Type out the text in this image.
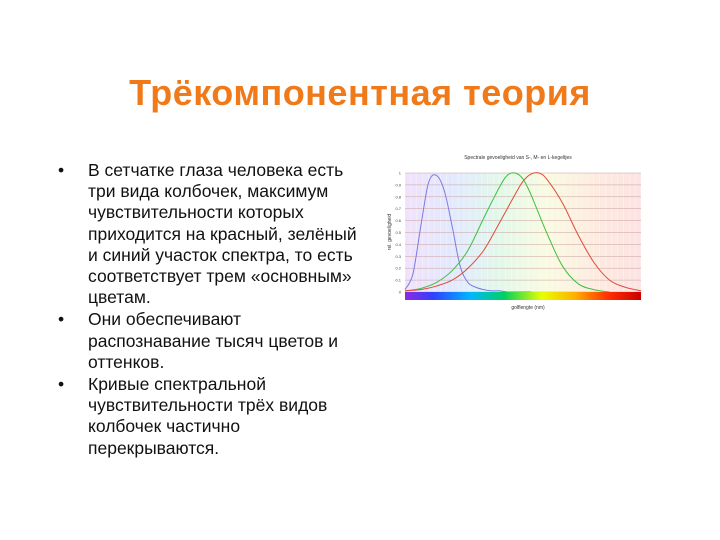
Трёкомпонентная теория
• В сетчатке глаза человека есть три вида колбочек, максимум чувствительности которых приходится на красный, зелёный и синий участок спектра, то есть соответствует трем «основным» цветам.
• Они обеспечивают распознавание тысяч цветов и оттенков.
• Кривые спектральной чувствительности трёх видов колбочек частично перекрываются.
Spectrale gevoeligheid van S-, M- en L-kegeltjes
1
0.9
0.8
0.7
0.6
0.5
0.4
0.3
0.2
0.1
0
rel. gevoeligheid
golflengte (nm)
